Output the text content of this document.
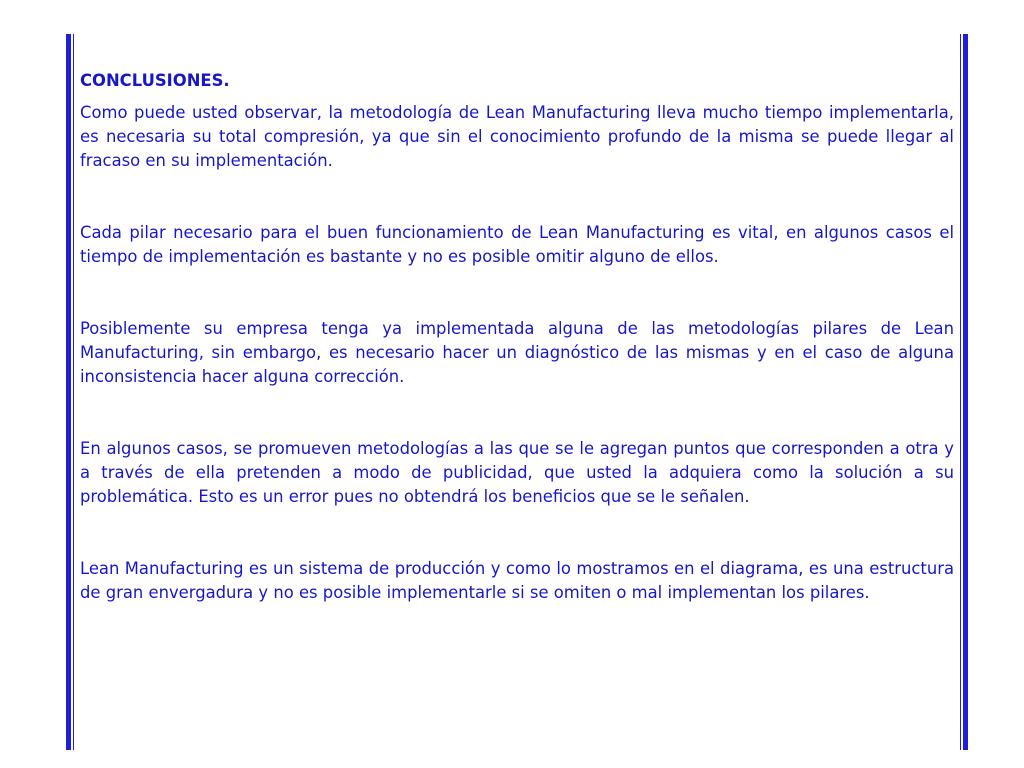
CONCLUSIONES.

Como puede usted observar, la metodología de Lean Manufacturing lleva mucho tiempo implementarla, es necesaria su total compresión, ya que sin el conocimiento profundo de la misma se puede llegar al fracaso en su implementación.

Cada pilar necesario para el buen funcionamiento de Lean Manufacturing es vital, en algunos casos el tiempo de implementación es bastante y no es posible omitir alguno de ellos.

Posiblemente su empresa tenga ya implementada alguna de las metodologías pilares de Lean Manufacturing, sin embargo, es necesario hacer un diagnóstico de las mismas y en el caso de alguna inconsistencia hacer alguna corrección.

En algunos casos, se promueven metodologías a las que se le agregan puntos que corresponden a otra y a través de ella pretenden a modo de publicidad, que usted la adquiera como la solución a su problemática. Esto es un error pues no obtendrá los beneficios que se le señalen.

Lean Manufacturing es un sistema de producción y como lo mostramos en el diagrama, es una estructura de gran envergadura y no es posible implementarle si se omiten o mal implementan los pilares.
